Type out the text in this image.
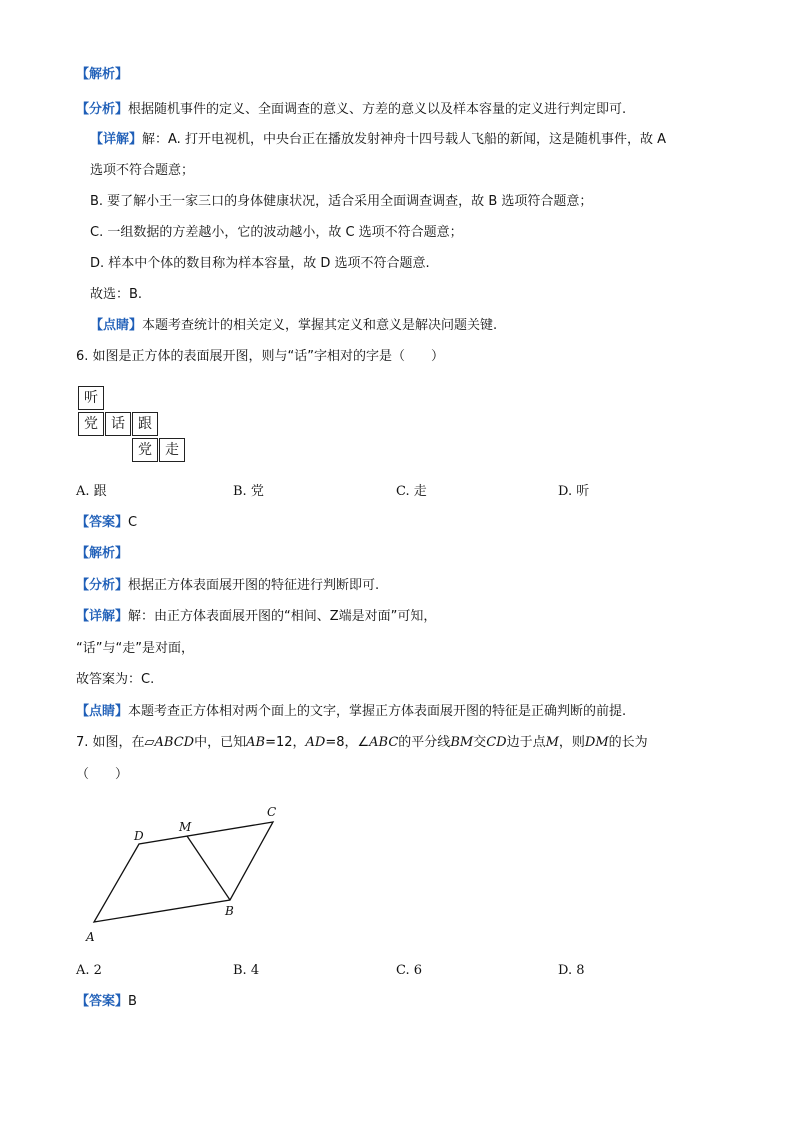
【解析】
【分析】根据随机事件的定义、全面调查的意义、方差的意义以及样本容量的定义进行判定即可.
【详解】解：A. 打开电视机，中央台正在播放发射神舟十四号载人飞船的新闻，这是随机事件，故 A
选项不符合题意；
B. 要了解小王一家三口的身体健康状况，适合采用全面调查调查，故 B 选项符合题意；
C. 一组数据的方差越小，它的波动越小，故 C 选项不符合题意；
D. 样本中个体的数目称为样本容量，故 D 选项不符合题意.
故选：B.
【点睛】本题考查统计的相关定义，掌握其定义和意义是解决问题关键.
6. 如图是正方体的表面展开图，则与“话”字相对的字是（　　）
听
党 话 跟
党 走
A. 跟	B. 党	C. 走	D. 听
【答案】C
【解析】
【分析】根据正方体表面展开图的特征进行判断即可.
【详解】解：由正方体表面展开图的“相间、Z端是对面”可知，
“话”与“走”是对面，
故答案为：C.
【点睛】本题考查正方体相对两个面上的文字，掌握正方体表面展开图的特征是正确判断的前提.
7. 如图，在▱ABCD中，已知AB=12，AD=8，∠ABC的平分线BM交CD边于点M，则DM的长为
（　　）
A
B
C
D
M
A. 2	B. 4	C. 6	D. 8
【答案】B
